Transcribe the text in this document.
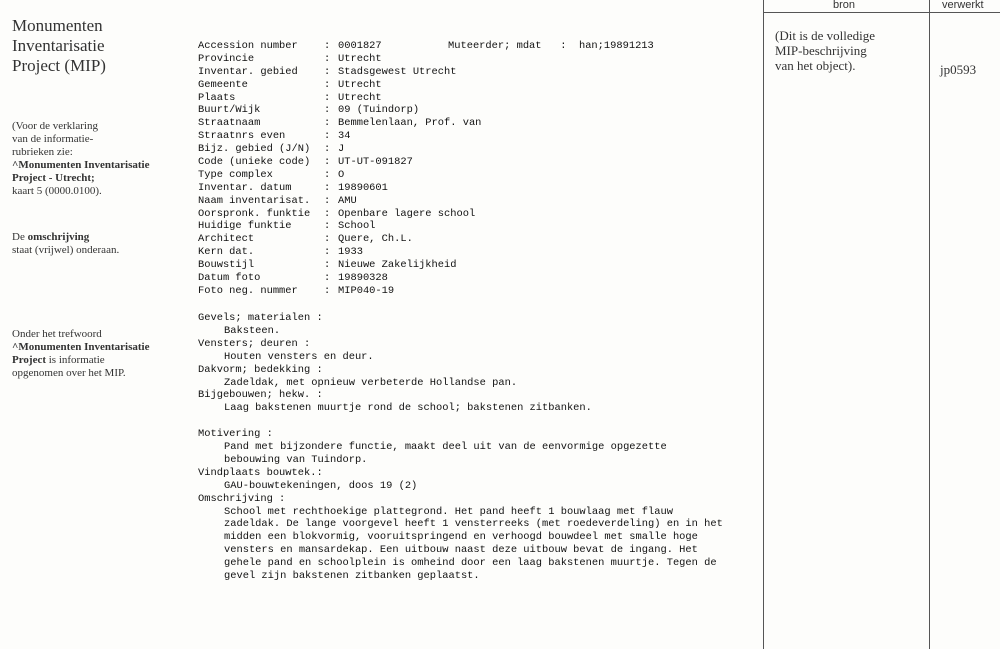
Monumenten
Inventarisatie
Project (MIP)
(Voor de verklaring
van de informatie-
rubrieken zie:
^Monumenten Inventarisatie
Project - Utrecht;
kaart 5 (0000.0100).
De omschrijving
staat (vrijwel) onderaan.
Onder het trefwoord
^Monumenten Inventarisatie
Project is informatie
opgenomen over het MIP.
Accession number	: 0001827
Provincie	: Utrecht
Inventar. gebied	: Stadsgewest Utrecht
Gemeente	: Utrecht
Plaats	: Utrecht
Buurt/Wijk	: 09 (Tuindorp)
Straatnaam	: Bemmelenlaan, Prof. van
Straatnrs even	: 34
Bijz. gebied (J/N) : J
Code (unieke code) : UT-UT-091827
Type complex	: O
Inventar. datum	: 19890601
Naam inventarisat. : AMU
Oorspronk. funktie : Openbare lagere school
Huidige funktie	: School
Architect	: Quere, Ch.L.
Kern dat.	: 1933
Bouwstijl	: Nieuwe Zakelijkheid
Datum foto	: 19890328
Foto neg. nummer	: MIP040-19
Muteerder; mdat   :  han;19891213
Gevels; materialen :
Baksteen.
Vensters; deuren :
Houten vensters en deur.
Dakvorm; bedekking :
Zadeldak, met opnieuw verbeterde Hollandse pan.
Bijgebouwen; hekw. :
Laag bakstenen muurtje rond de school; bakstenen zitbanken.
Motivering :
Pand met bijzondere functie, maakt deel uit van de eenvormige opgezette bebouwing van Tuindorp.
Vindplaats bouwtek.:
GAU-bouwtekeningen, doos 19 (2)
Omschrijving :
School met rechthoekige plattegrond. Het pand heeft 1 bouwlaag met flauw zadeldak. De lange voorgevel heeft 1 vensterreeks (met roedeverdeling) en in het midden een blokvormig, vooruitspringend en verhoogd bouwdeel met smalle hoge vensters en mansardekap. Een uitbouw naast deze uitbouw bevat de ingang. Het gehele pand en schoolplein is omheind door een laag bakstenen muurtje. Tegen de gevel zijn bakstenen zitbanken geplaatst.
bron	verwerkt
(Dit is de volledige
MIP-beschrijving
van het object).	jp0593
